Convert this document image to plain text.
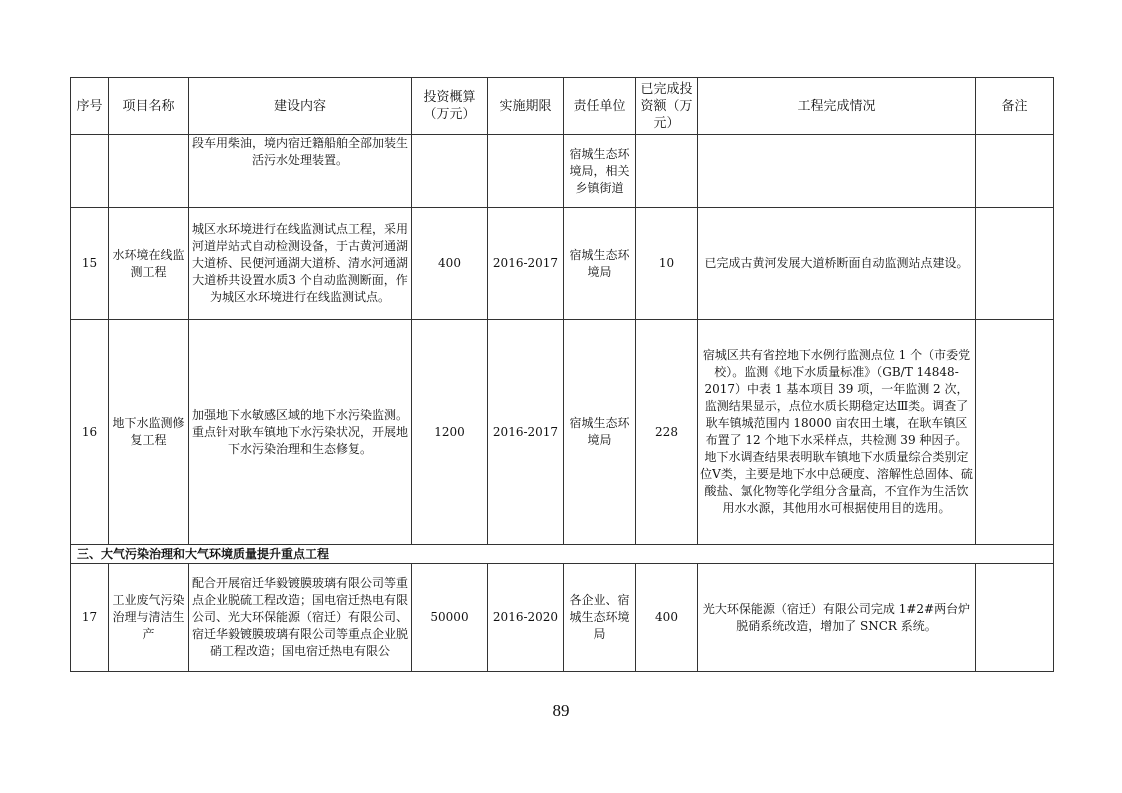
序号	项目名称	建设内容	投资概算（万元）	实施期限	责任单位	已完成投资额（万元）	工程完成情况	备注
		段车用柴油，境内宿迁籍船舶全部加装生活污水处理装置。			宿城生态环境局，相关乡镇街道			
15	水环境在线监测工程	城区水环境进行在线监测试点工程，采用河道岸站式自动检测设备，于古黄河通湖大道桥、民便河通湖大道桥、清水河通湖大道桥共设置水质3 个自动监测断面，作为城区水环境进行在线监测试点。	400	2016-2017	宿城生态环境局	10	已完成古黄河发展大道桥断面自动监测站点建设。	
16	地下水监测修复工程	加强地下水敏感区域的地下水污染监测。重点针对耿车镇地下水污染状况，开展地下水污染治理和生态修复。	1200	2016-2017	宿城生态环境局	228	宿城区共有省控地下水例行监测点位 1 个（市委党校）。监测《地下水质量标准》（GB/T 14848-2017）中表 1 基本项目 39 项，一年监测 2 次，监测结果显示，点位水质长期稳定达Ⅲ类。调查了耿车镇城范围内 18000 亩农田土壤，在耿车镇区布置了 12 个地下水采样点，共检测 39 种因子。地下水调查结果表明耿车镇地下水质量综合类别定位Ⅴ类，主要是地下水中总硬度、溶解性总固体、硫酸盐、氯化物等化学组分含量高，不宜作为生活饮用水水源，其他用水可根据使用目的选用。	
三、大气污染治理和大气环境质量提升重点工程								
17	工业废气污染治理与清洁生产	配合开展宿迁华毅镀膜玻璃有限公司等重点企业脱硫工程改造；国电宿迁热电有限公司、光大环保能源（宿迁）有限公司、宿迁华毅镀膜玻璃有限公司等重点企业脱硝工程改造；国电宿迁热电有限公	50000	2016-2020	各企业、宿城生态环境局	400	光大环保能源（宿迁）有限公司完成 1#2#两台炉脱硝系统改造，增加了 SNCR 系统。	
89
